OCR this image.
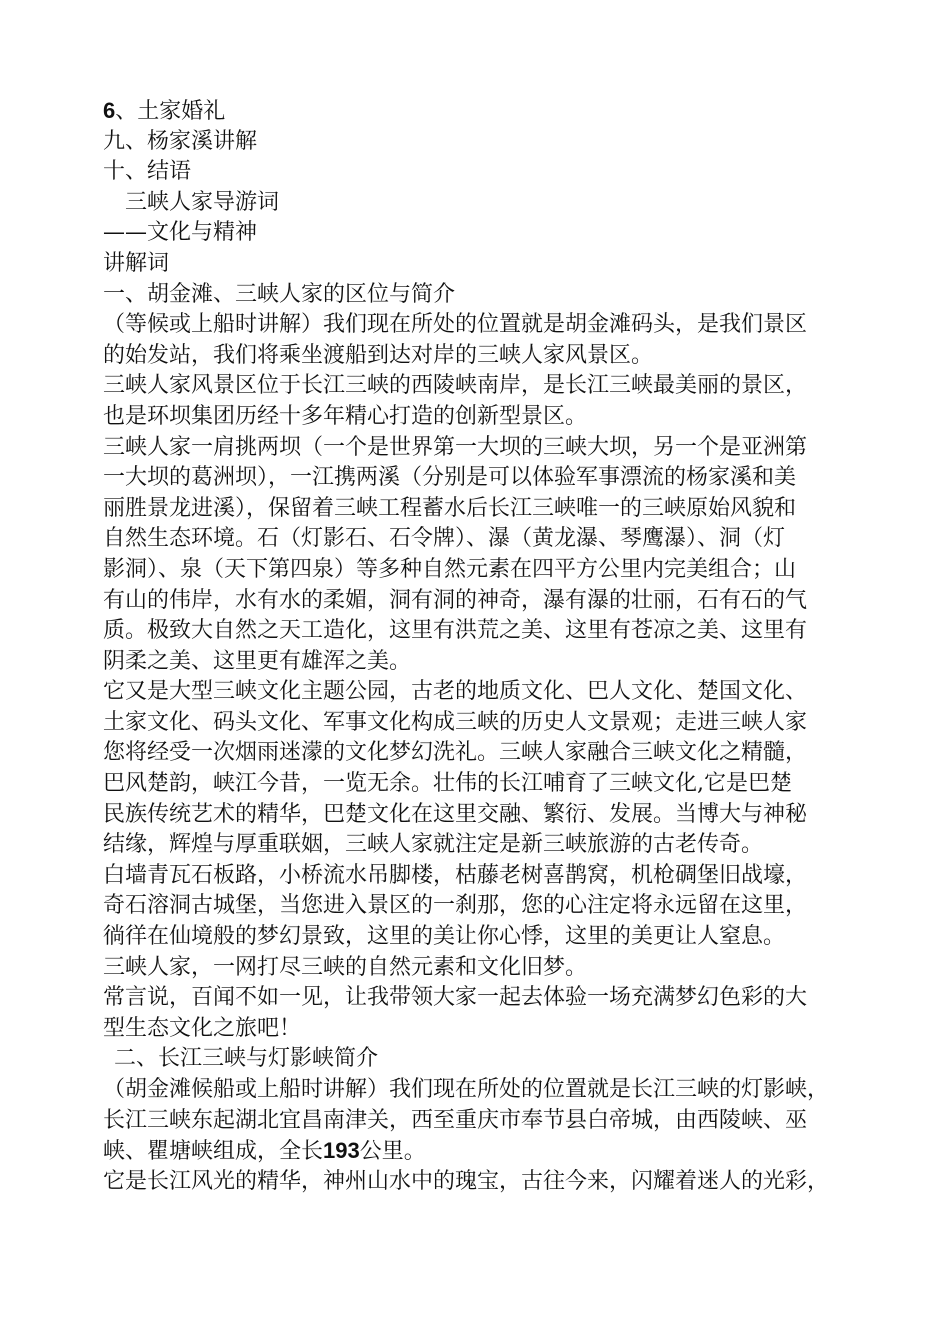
6、土家婚礼
九、杨家溪讲解
十、结语
三峡人家导游词
——文化与精神
讲解词
一、胡金滩、三峡人家的区位与简介
（等候或上船时讲解）我们现在所处的位置就是胡金滩码头，是我们景区
的始发站，我们将乘坐渡船到达对岸的三峡人家风景区。
三峡人家风景区位于长江三峡的西陵峡南岸，是长江三峡最美丽的景区，
也是环坝集团历经十多年精心打造的创新型景区。
三峡人家一肩挑两坝（一个是世界第一大坝的三峡大坝，另一个是亚洲第
一大坝的葛洲坝），一江携两溪（分别是可以体验军事漂流的杨家溪和美
丽胜景龙进溪），保留着三峡工程蓄水后长江三峡唯一的三峡原始风貌和
自然生态环境。石（灯影石、石令牌）、瀑（黄龙瀑、琴鹰瀑）、洞（灯
影洞）、泉（天下第四泉）等多种自然元素在四平方公里内完美组合；山
有山的伟岸，水有水的柔媚，洞有洞的神奇，瀑有瀑的壮丽，石有石的气
质。极致大自然之天工造化，这里有洪荒之美、这里有苍凉之美、这里有
阴柔之美、这里更有雄浑之美。
它又是大型三峡文化主题公园，古老的地质文化、巴人文化、楚国文化、
土家文化、码头文化、军事文化构成三峡的历史人文景观；走进三峡人家
您将经受一次烟雨迷濛的文化梦幻洗礼。三峡人家融合三峡文化之精髓，
巴风楚韵，峡江今昔，一览无余。壮伟的长江哺育了三峡文化,它是巴楚
民族传统艺术的精华，巴楚文化在这里交融、繁衍、发展。当博大与神秘
结缘，辉煌与厚重联姻，三峡人家就注定是新三峡旅游的古老传奇。
白墙青瓦石板路，小桥流水吊脚楼，枯藤老树喜鹊窝，机枪碉堡旧战壕，
奇石溶洞古城堡，当您进入景区的一刹那，您的心注定将永远留在这里，
徜徉在仙境般的梦幻景致，这里的美让你心悸，这里的美更让人窒息。
三峡人家，一网打尽三峡的自然元素和文化旧梦。
常言说，百闻不如一见，让我带领大家一起去体验一场充满梦幻色彩的大
型生态文化之旅吧！
二、长江三峡与灯影峡简介
（胡金滩候船或上船时讲解）我们现在所处的位置就是长江三峡的灯影峡，
长江三峡东起湖北宜昌南津关，西至重庆市奉节县白帝城，由西陵峡、巫
峡、瞿塘峡组成，全长193公里。
它是长江风光的精华，神州山水中的瑰宝，古往今来，闪耀着迷人的光彩，
